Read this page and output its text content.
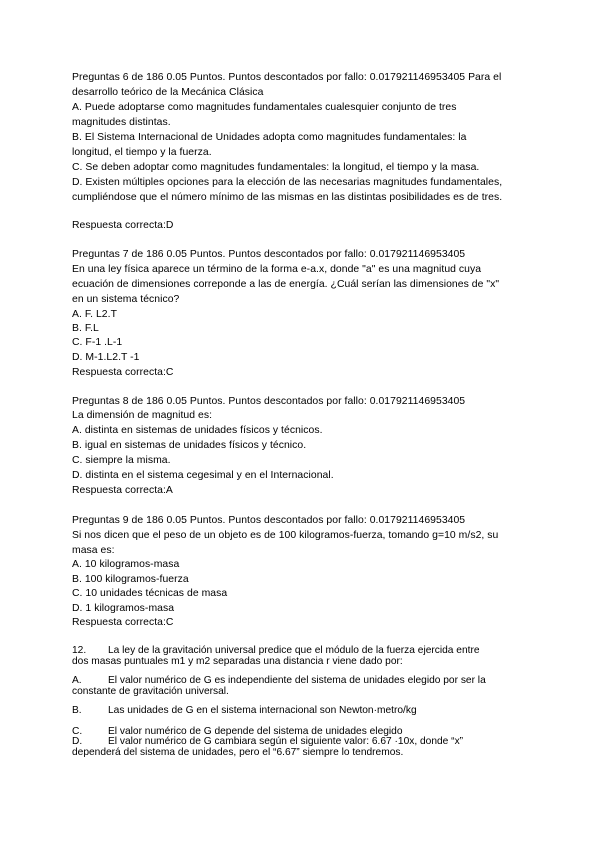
Preguntas 6 de 186 0.05 Puntos. Puntos descontados por fallo: 0.017921146953405 Para el
desarrollo teórico de la Mecánica Clásica
A. Puede adoptarse como magnitudes fundamentales cualesquier conjunto de tres
magnitudes distintas.
B. El Sistema Internacional de Unidades adopta como magnitudes fundamentales: la
longitud, el tiempo y la fuerza.
C. Se deben adoptar como magnitudes fundamentales: la longitud, el tiempo y la masa.
D. Existen múltiples opciones para la elección de las necesarias magnitudes fundamentales,
cumpliéndose que el número mínimo de las mismas en las distintas posibilidades es de tres.
Respuesta correcta:D
Preguntas 7 de 186 0.05 Puntos. Puntos descontados por fallo: 0.017921146953405
En una ley física aparece un término de la forma e-a.x, donde "a" es una magnitud cuya
ecuación de dimensiones correponde a las de energía. ¿Cuál serían las dimensiones de "x"
en un sistema técnico?
A. F. L2.T
B. F.L
C. F-1 .L-1
D. M-1.L2.T -1
Respuesta correcta:C
Preguntas 8 de 186 0.05 Puntos. Puntos descontados por fallo: 0.017921146953405
La dimensión de magnitud es:
A. distinta en sistemas de unidades físicos y técnicos.
B. igual en sistemas de unidades físicos y técnico.
C. siempre la misma.
D. distinta en el sistema cegesimal y en el Internacional.
Respuesta correcta:A
Preguntas 9 de 186 0.05 Puntos. Puntos descontados por fallo: 0.017921146953405
Si nos dicen que el peso de un objeto es de 100 kilogramos-fuerza, tomando g=10 m/s2, su
masa es:
A. 10 kilogramos-masa
B. 100 kilogramos-fuerza
C. 10 unidades técnicas de masa
D. 1 kilogramos-masa
Respuesta correcta:C
12. La ley de la gravitación universal predice que el módulo de la fuerza ejercida entre
dos masas puntuales m1 y m2 separadas una distancia r viene dado por:
A.	El valor numérico de G es independiente del sistema de unidades elegido por ser la
constante de gravitación universal.
B.	Las unidades de G en el sistema internacional son Newton·metro/kg
C.	El valor numérico de G depende del sistema de unidades elegido
D.	El valor numérico de G cambiara según el siguiente valor: 6.67 ·10x, donde “x”
dependerá del sistema de unidades, pero el “6.67” siempre lo tendremos.
